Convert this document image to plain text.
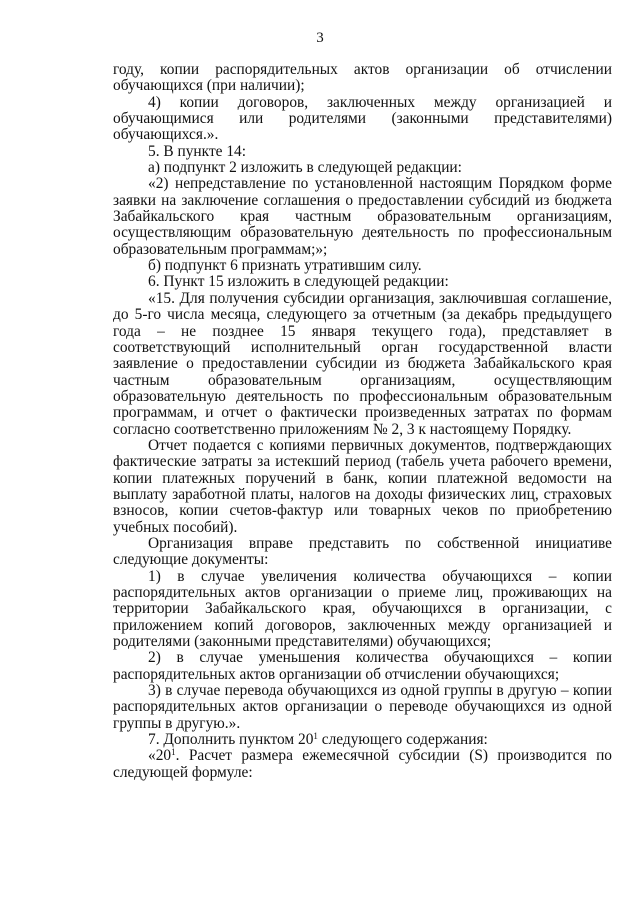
3

году, копии распорядительных актов организации об отчислении обучающихся (при наличии);

4) копии договоров, заключенных между организацией и обучающимися или родителями (законными представителями) обучающихся.».

5. В пункте 14:

а) подпункт 2 изложить в следующей редакции:

«2) непредставление по установленной настоящим Порядком форме заявки на заключение соглашения о предоставлении субсидий из бюджета Забайкальского края частным образовательным организациям, осуществляющим образовательную деятельность по профессиональным образовательным программам;»;

б) подпункт 6 признать утратившим силу.

6. Пункт 15 изложить в следующей редакции:

«15. Для получения субсидии организация, заключившая соглашение, до 5-го числа месяца, следующего за отчетным (за декабрь предыдущего года – не позднее 15 января текущего года), представляет в соответствующий исполнительный орган государственной власти заявление о предоставлении субсидии из бюджета Забайкальского края частным образовательным организациям, осуществляющим образовательную деятельность по профессиональным образовательным программам, и отчет о фактически произведенных затратах по формам согласно соответственно приложениям № 2, 3 к настоящему Порядку.

Отчет подается с копиями первичных документов, подтверждающих фактические затраты за истекший период (табель учета рабочего времени, копии платежных поручений в банк, копии платежной ведомости на выплату заработной платы, налогов на доходы физических лиц, страховых взносов, копии счетов-фактур или товарных чеков по приобретению учебных пособий).

Организация вправе представить по собственной инициативе следующие документы:

1) в случае увеличения количества обучающихся – копии распорядительных актов организации о приеме лиц, проживающих на территории Забайкальского края, обучающихся в организации, с приложением копий договоров, заключенных между организацией и родителями (законными представителями) обучающихся;

2) в случае уменьшения количества обучающихся – копии распорядительных актов организации об отчислении обучающихся;

3) в случае перевода обучающихся из одной группы в другую – копии распорядительных актов организации о переводе обучающихся из одной группы в другую.».

7. Дополнить пунктом $20^1$ следующего содержания:

«$20^1$. Расчет размера ежемесячной субсидии (S) производится по следующей формуле:
